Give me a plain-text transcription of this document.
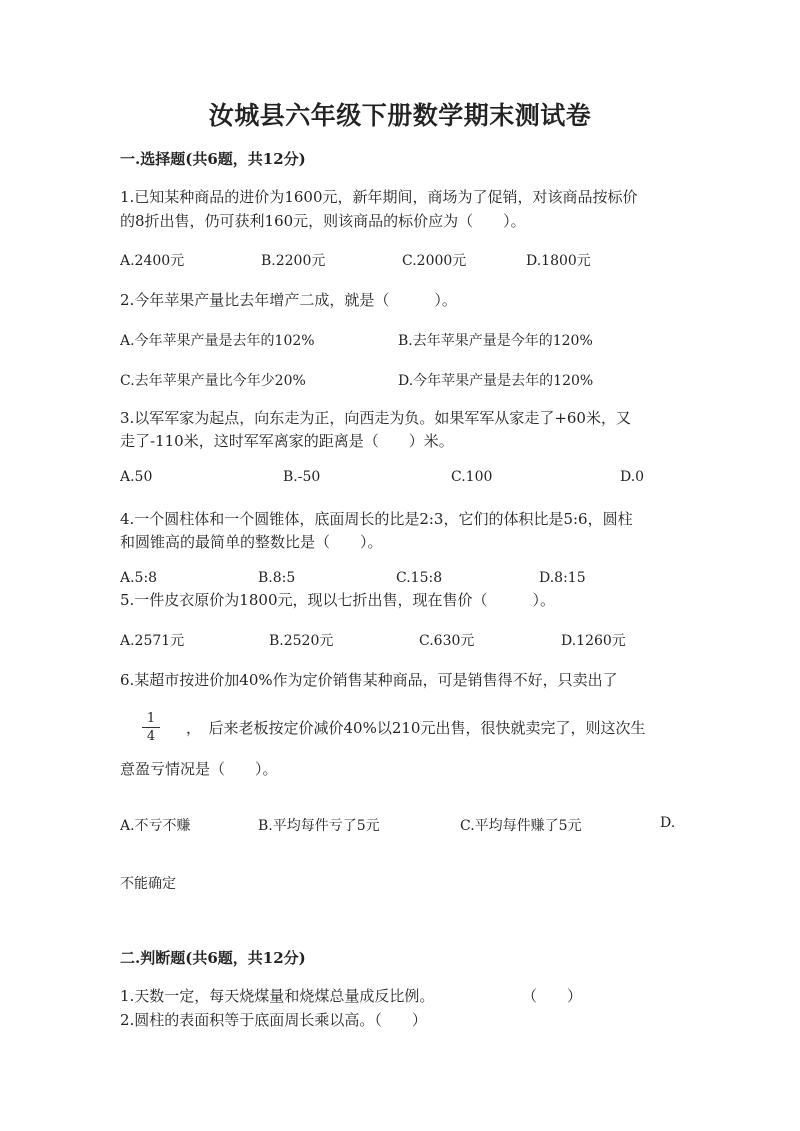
汝城县六年级下册数学期末测试卷
一.选择题(共6题，共12分)
1.已知某种商品的进价为1600元，新年期间，商场为了促销，对该商品按标价
的8折出售，仍可获利160元，则该商品的标价应为（　　）。
A.2400元	B.2200元	C.2000元	D.1800元
2.今年苹果产量比去年增产二成，就是（　　　）。
A.今年苹果产量是去年的102%	B.去年苹果产量是今年的120%
C.去年苹果产量比今年少20%	D.今年苹果产量是去年的120%
3.以军军家为起点，向东走为正，向西走为负。如果军军从家走了+60米，又
走了-110米，这时军军离家的距离是（　　）米。
A.50	B.-50	C.100	D.0
4.一个圆柱体和一个圆锥体，底面周长的比是2:3，它们的体积比是5:6，圆柱
和圆锥高的最简单的整数比是（　　）。
A.5:8	B.8:5	C.15:8	D.8:15
5.一件皮衣原价为1800元，现以七折出售，现在售价（　　　）。
A.2571元	B.2520元	C.630元	D.1260元
6.某超市按进价加40%作为定价销售某种商品，可是销售得不好，只卖出了
1
4	，　后来老板按定价减价40%以210元出售，很快就卖完了，则这次生
意盈亏情况是（　　）。
A.不亏不赚	B.平均每件亏了5元	C.平均每件赚了5元	D.
不能确定
二.判断题(共6题，共12分)
1.天数一定，每天烧煤量和烧煤总量成反比例。	（　　）
2.圆柱的表面积等于底面周长乘以高。（　　）
